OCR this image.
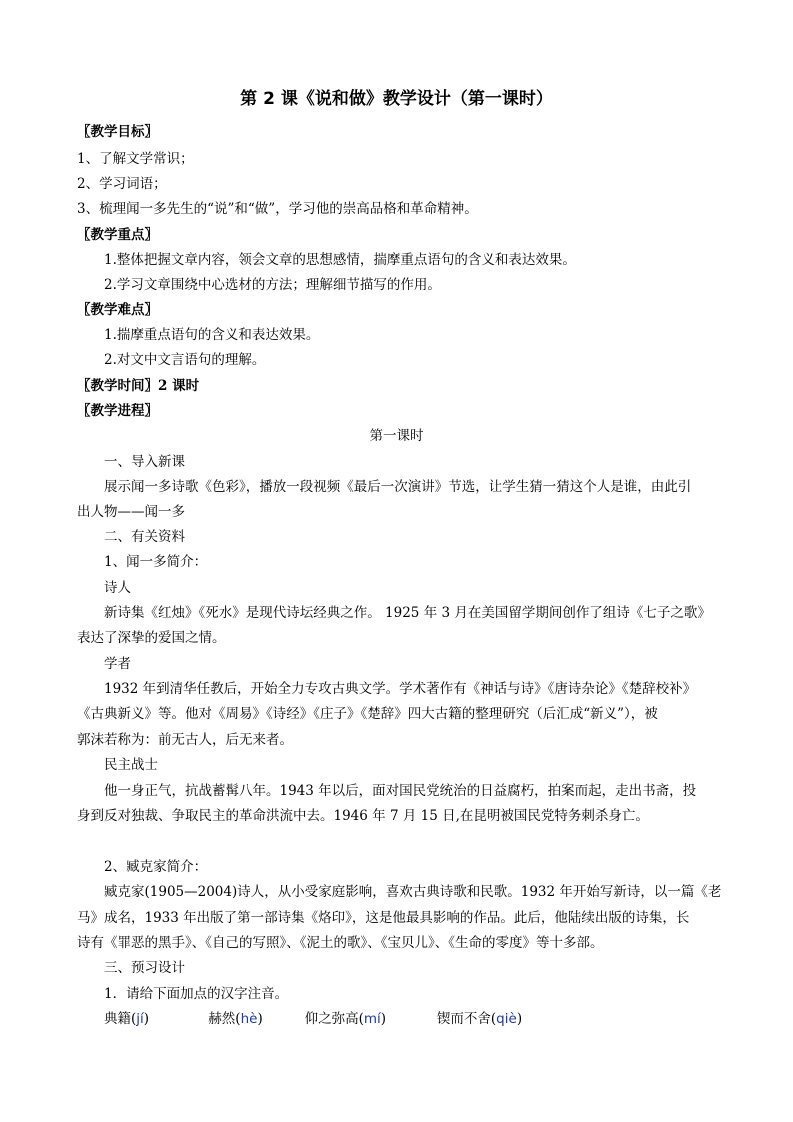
第 2 课《说和做》教学设计（第一课时）
〖教学目标〗
1、了解文学常识；
2、学习词语；
3、梳理闻一多先生的“说”和“做”，学习他的崇高品格和革命精神。
〖教学重点〗
1.整体把握文章内容，领会文章的思想感情，揣摩重点语句的含义和表达效果。
2.学习文章围绕中心选材的方法；理解细节描写的作用。
〖教学难点〗
1.揣摩重点语句的含义和表达效果。
2.对文中文言语句的理解。
〖教学时间〗2 课时
〖教学进程〗
第一课时
一、导入新课
展示闻一多诗歌《色彩》，播放一段视频《最后一次演讲》节选，让学生猜一猜这个人是谁，由此引
出人物——闻一多
二、有关资料
1、闻一多简介：
诗人
新诗集《红烛》《死水》是现代诗坛经典之作。 1925 年 3 月在美国留学期间创作了组诗《七子之歌》
表达了深挚的爱国之情。
学者
1932 年到清华任教后，开始全力专攻古典文学。学术著作有《神话与诗》《唐诗杂论》《楚辞校补》
《古典新义》等。他对《周易》《诗经》《庄子》《楚辞》四大古籍的整理研究（后汇成“新义”），被
郭沫若称为：前无古人，后无来者。
民主战士
他一身正气，抗战蓄髯八年。1943 年以后，面对国民党统治的日益腐朽，拍案而起，走出书斋，投
身到反对独裁、争取民主的革命洪流中去。1946 年 7 月 15 日,在昆明被国民党特务刺杀身亡。
2、臧克家简介：
臧克家(1905—2004)诗人，从小受家庭影响，喜欢古典诗歌和民歌。1932 年开始写新诗，以一篇《老
马》成名，1933 年出版了第一部诗集《烙印》，这是他最具影响的作品。此后，他陆续出版的诗集，长
诗有《罪恶的黑手》、《自己的写照》、《泥土的歌》、《宝贝儿》、《生命的零度》等十多部。
三、预习设计
1．请给下面加点的汉字注音。
典籍(jí)	赫然(hè)	仰之弥高(mí)	锲而不舍(qiè)
